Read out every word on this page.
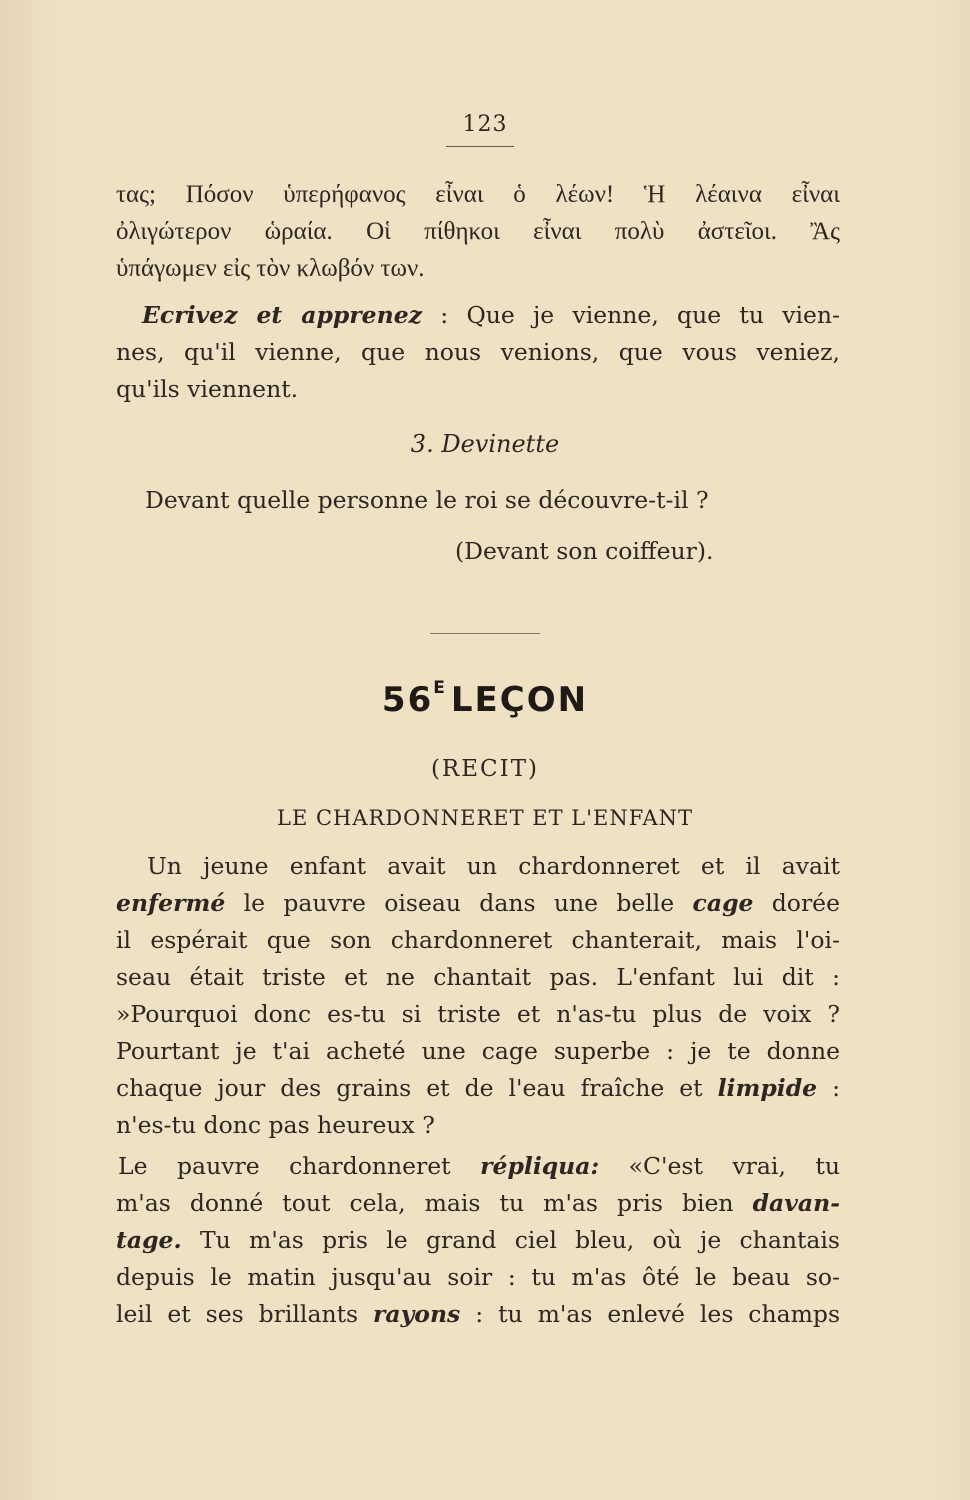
123
τας; Πόσον ὑπερήφανος εἶναι ὁ λέων! Ἡ λέαινα εἶναι
ὀλιγώτερον ὡραία. Οἱ πίθηκοι εἶναι πολὺ ἀστεῖοι. Ἂς
ὑπάγωμεν εἰς τὸν κλωβόν των.
Ecrivez et apprenez : Que je vienne, que tu vien-
nes, qu'il vienne, que nous venions, que vous veniez,
qu'ils viennent.
3. Devinette
Devant quelle personne le roi se découvre-t-il ?
(Devant son coiffeur).
$56^E$ LEÇON
(RECIT)
LE CHARDONNERET ET L'ENFANT
Un jeune enfant avait un chardonneret et il avait
enfermé le pauvre oiseau dans une belle cage dorée
il espérait que son chardonneret chanterait, mais l'oi-
seau était triste et ne chantait pas. L'enfant lui dit :
»Pourquoi donc es-tu si triste et n'as-tu plus de voix ?
Pourtant je t'ai acheté une cage superbe : je te donne
chaque jour des grains et de l'eau fraîche et limpide :
n'es-tu donc pas heureux ?
Le pauvre chardonneret répliqua: «C'est vrai, tu
m'as donné tout cela, mais tu m'as pris bien davan-
tage. Tu m'as pris le grand ciel bleu, où je chantais
depuis le matin jusqu'au soir : tu m'as ôté le beau so-
leil et ses brillants rayons : tu m'as enlevé les champs
